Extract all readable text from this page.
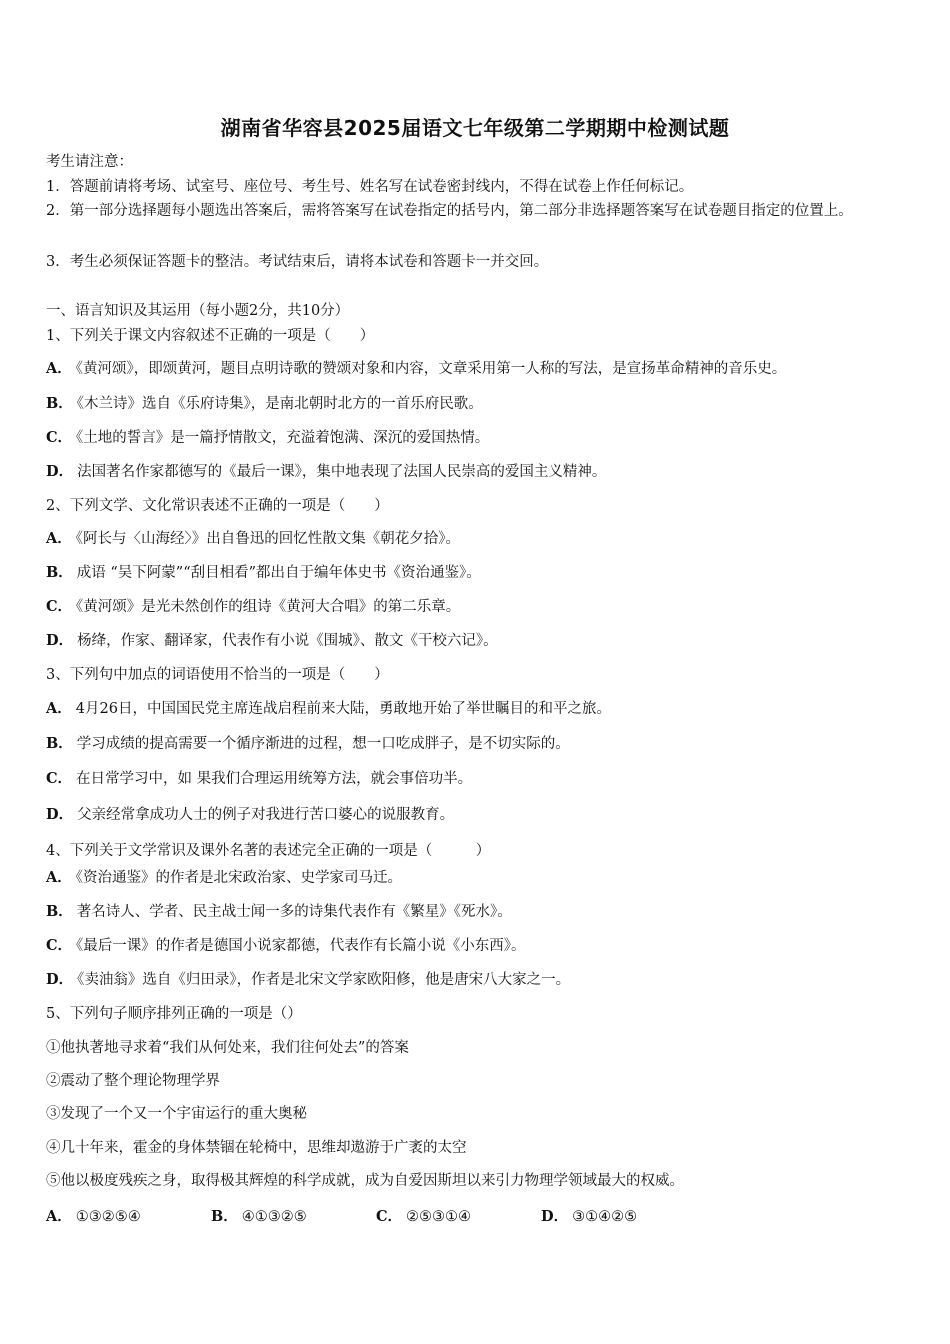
湖南省华容县2025届语文七年级第二学期期中检测试题
考生请注意：
1．答题前请将考场、试室号、座位号、考生号、姓名写在试卷密封线内，不得在试卷上作任何标记。
2．第一部分选择题每小题选出答案后，需将答案写在试卷指定的括号内，第二部分非选择题答案写在试卷题目指定的位置上。
3．考生必须保证答题卡的整洁。考试结束后，请将本试卷和答题卡一并交回。
一、语言知识及其运用（每小题2分，共10分）
1、下列关于课文内容叙述不正确的一项是（　　）
A． 《黄河颂》，即颂黄河，题目点明诗歌的赞颂对象和内容，文章采用第一人称的写法，是宣扬革命精神的音乐史。
B． 《木兰诗》选自《乐府诗集》，是南北朝时北方的一首乐府民歌。
C． 《土地的誓言》是一篇抒情散文，充溢着饱满、深沉的爱国热情。
D． 法国著名作家都德写的《最后一课》，集中地表现了法国人民崇高的爱国主义精神。
2、下列文学、文化常识表述不正确的一项是（　　）
A． 《阿长与〈山海经〉》出自鲁迅的回忆性散文集《朝花夕拾》。
B． 成语 “吴下阿蒙”“刮目相看”都出自于编年体史书《资治通鉴》。
C． 《黄河颂》是光未然创作的组诗《黄河大合唱》的第二乐章。
D． 杨绛，作家、翻译家，代表作有小说《围城》、散文《干校六记》。
3、下列句中加点的词语使用不恰当的一项是（　　）
A． 4月26日，中国国民党主席连战启程前来大陆，勇敢地开始了举世瞩目的和平之旅。
B． 学习成绩的提高需要一个循序渐进的过程，想一口吃成胖子，是不切实际的。
C． 在日常学习中，如 果我们合理运用统筹方法，就会事倍功半。
D． 父亲经常拿成功人士的例子对我进行苦口婆心的说服教育。
4、下列关于文学常识及课外名著的表述完全正确的一项是（　　　）
A． 《资治通鉴》的作者是北宋政治家、史学家司马迁。
B． 著名诗人、学者、民主战士闻一多的诗集代表作有《繁星》《死水》。
C． 《最后一课》的作者是德国小说家都德，代表作有长篇小说《小东西》。
D． 《卖油翁》选自《归田录》，作者是北宋文学家欧阳修，他是唐宋八大家之一。
5、下列句子顺序排列正确的一项是（）
①他执著地寻求着“我们从何处来，我们往何处去”的答案
②震动了整个理论物理学界
③发现了一个又一个宇宙运行的重大奥秘
④几十年来，霍金的身体禁锢在轮椅中，思维却遨游于广袤的太空
⑤他以极度残疾之身，取得极其辉煌的科学成就，成为自爱因斯坦以来引力物理学领域最大的权威。
A． ①③②⑤④	B． ④①③②⑤	C． ②⑤③①④	D． ③①④②⑤
